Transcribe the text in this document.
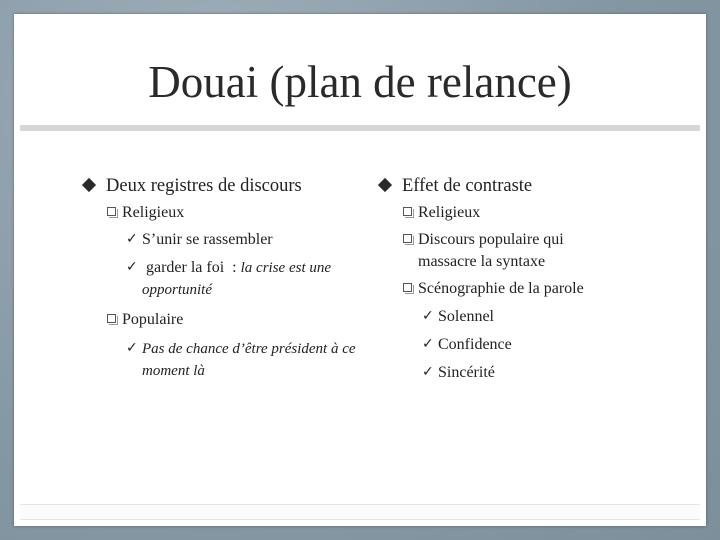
Douai (plan de relance)
Deux registres de discours
Religieux
✓ S’unir se rassembler
✓ garder la foi  : la crise est une opportunité
Populaire
✓ Pas de chance d’être président à ce moment là
Effet de contraste
Religieux
Discours populaire qui massacre la syntaxe
Scénographie de la parole
✓ Solennel
✓ Confidence
✓ Sincérité
